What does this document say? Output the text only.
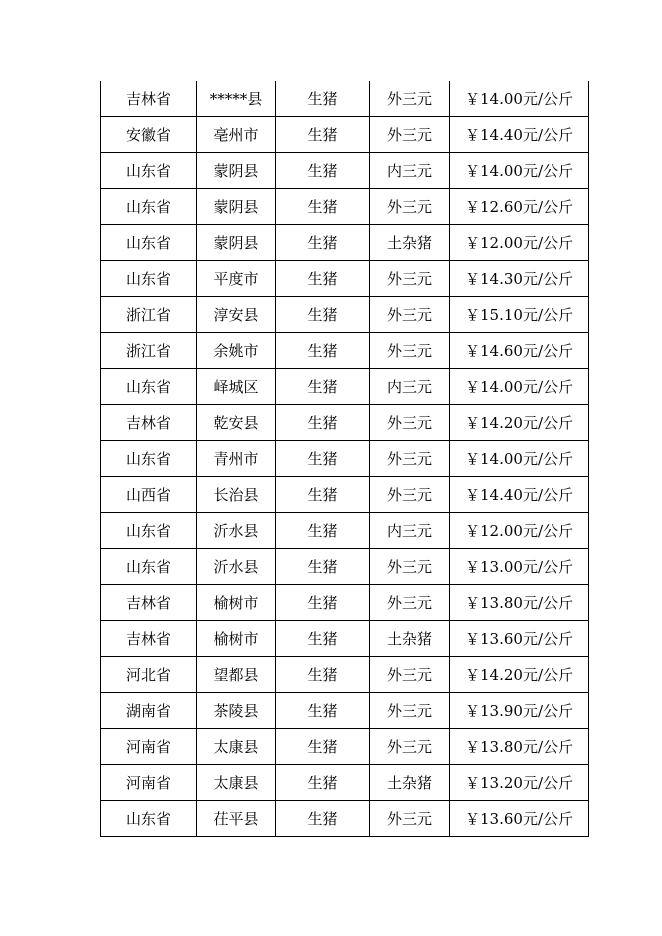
吉林省	*****县	生猪	外三元	￥14.00元/公斤
安徽省	亳州市	生猪	外三元	￥14.40元/公斤
山东省	蒙阴县	生猪	内三元	￥14.00元/公斤
山东省	蒙阴县	生猪	外三元	￥12.60元/公斤
山东省	蒙阴县	生猪	土杂猪	￥12.00元/公斤
山东省	平度市	生猪	外三元	￥14.30元/公斤
浙江省	淳安县	生猪	外三元	￥15.10元/公斤
浙江省	余姚市	生猪	外三元	￥14.60元/公斤
山东省	峄城区	生猪	内三元	￥14.00元/公斤
吉林省	乾安县	生猪	外三元	￥14.20元/公斤
山东省	青州市	生猪	外三元	￥14.00元/公斤
山西省	长治县	生猪	外三元	￥14.40元/公斤
山东省	沂水县	生猪	内三元	￥12.00元/公斤
山东省	沂水县	生猪	外三元	￥13.00元/公斤
吉林省	榆树市	生猪	外三元	￥13.80元/公斤
吉林省	榆树市	生猪	土杂猪	￥13.60元/公斤
河北省	望都县	生猪	外三元	￥14.20元/公斤
湖南省	茶陵县	生猪	外三元	￥13.90元/公斤
河南省	太康县	生猪	外三元	￥13.80元/公斤
河南省	太康县	生猪	土杂猪	￥13.20元/公斤
山东省	茌平县	生猪	外三元	￥13.60元/公斤
